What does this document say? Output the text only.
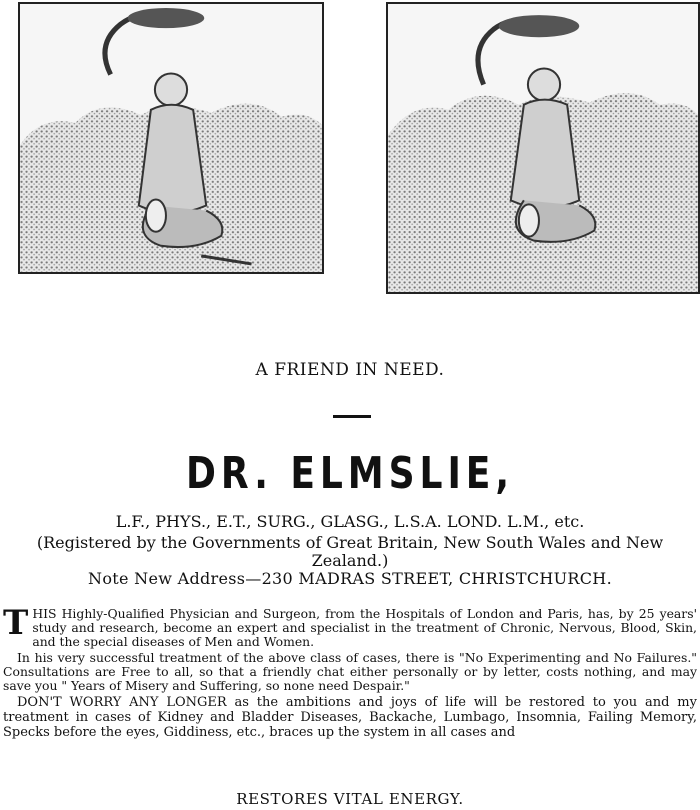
A FRIEND IN NEED.
DR. ELMSLIE,
L.F., PHYS., E.T., SURG., GLASG., L.S.A. LOND. L.M., etc.
(Registered by the Governments of Great Britain, New South Wales and New Zealand.)
Note New Address—230 MADRAS STREET, CHRISTCHURCH.
THIS Highly-Qualified Physician and Surgeon, from the Hospitals of London and Paris, has, by 25 years' study and research, become an expert and specialist in the treatment of Chronic, Nervous, Blood, Skin, and the special diseases of Men and Women.
In his very successful treatment of the above class of cases, there is "No Experimenting and No Failures." Consultations are Free to all, so that a friendly chat either personally or by letter, costs nothing, and may save you " Years of Misery and Suffering, so none need Despair."
DON'T WORRY ANY LONGER as the ambitions and joys of life will be restored to you and my treatment in cases of Kidney and Bladder Diseases, Backache, Lumbago, Insomnia, Failing Memory, Specks before the eyes, Giddiness, etc., braces up the system in all cases and
RESTORES VITAL ENERGY.
